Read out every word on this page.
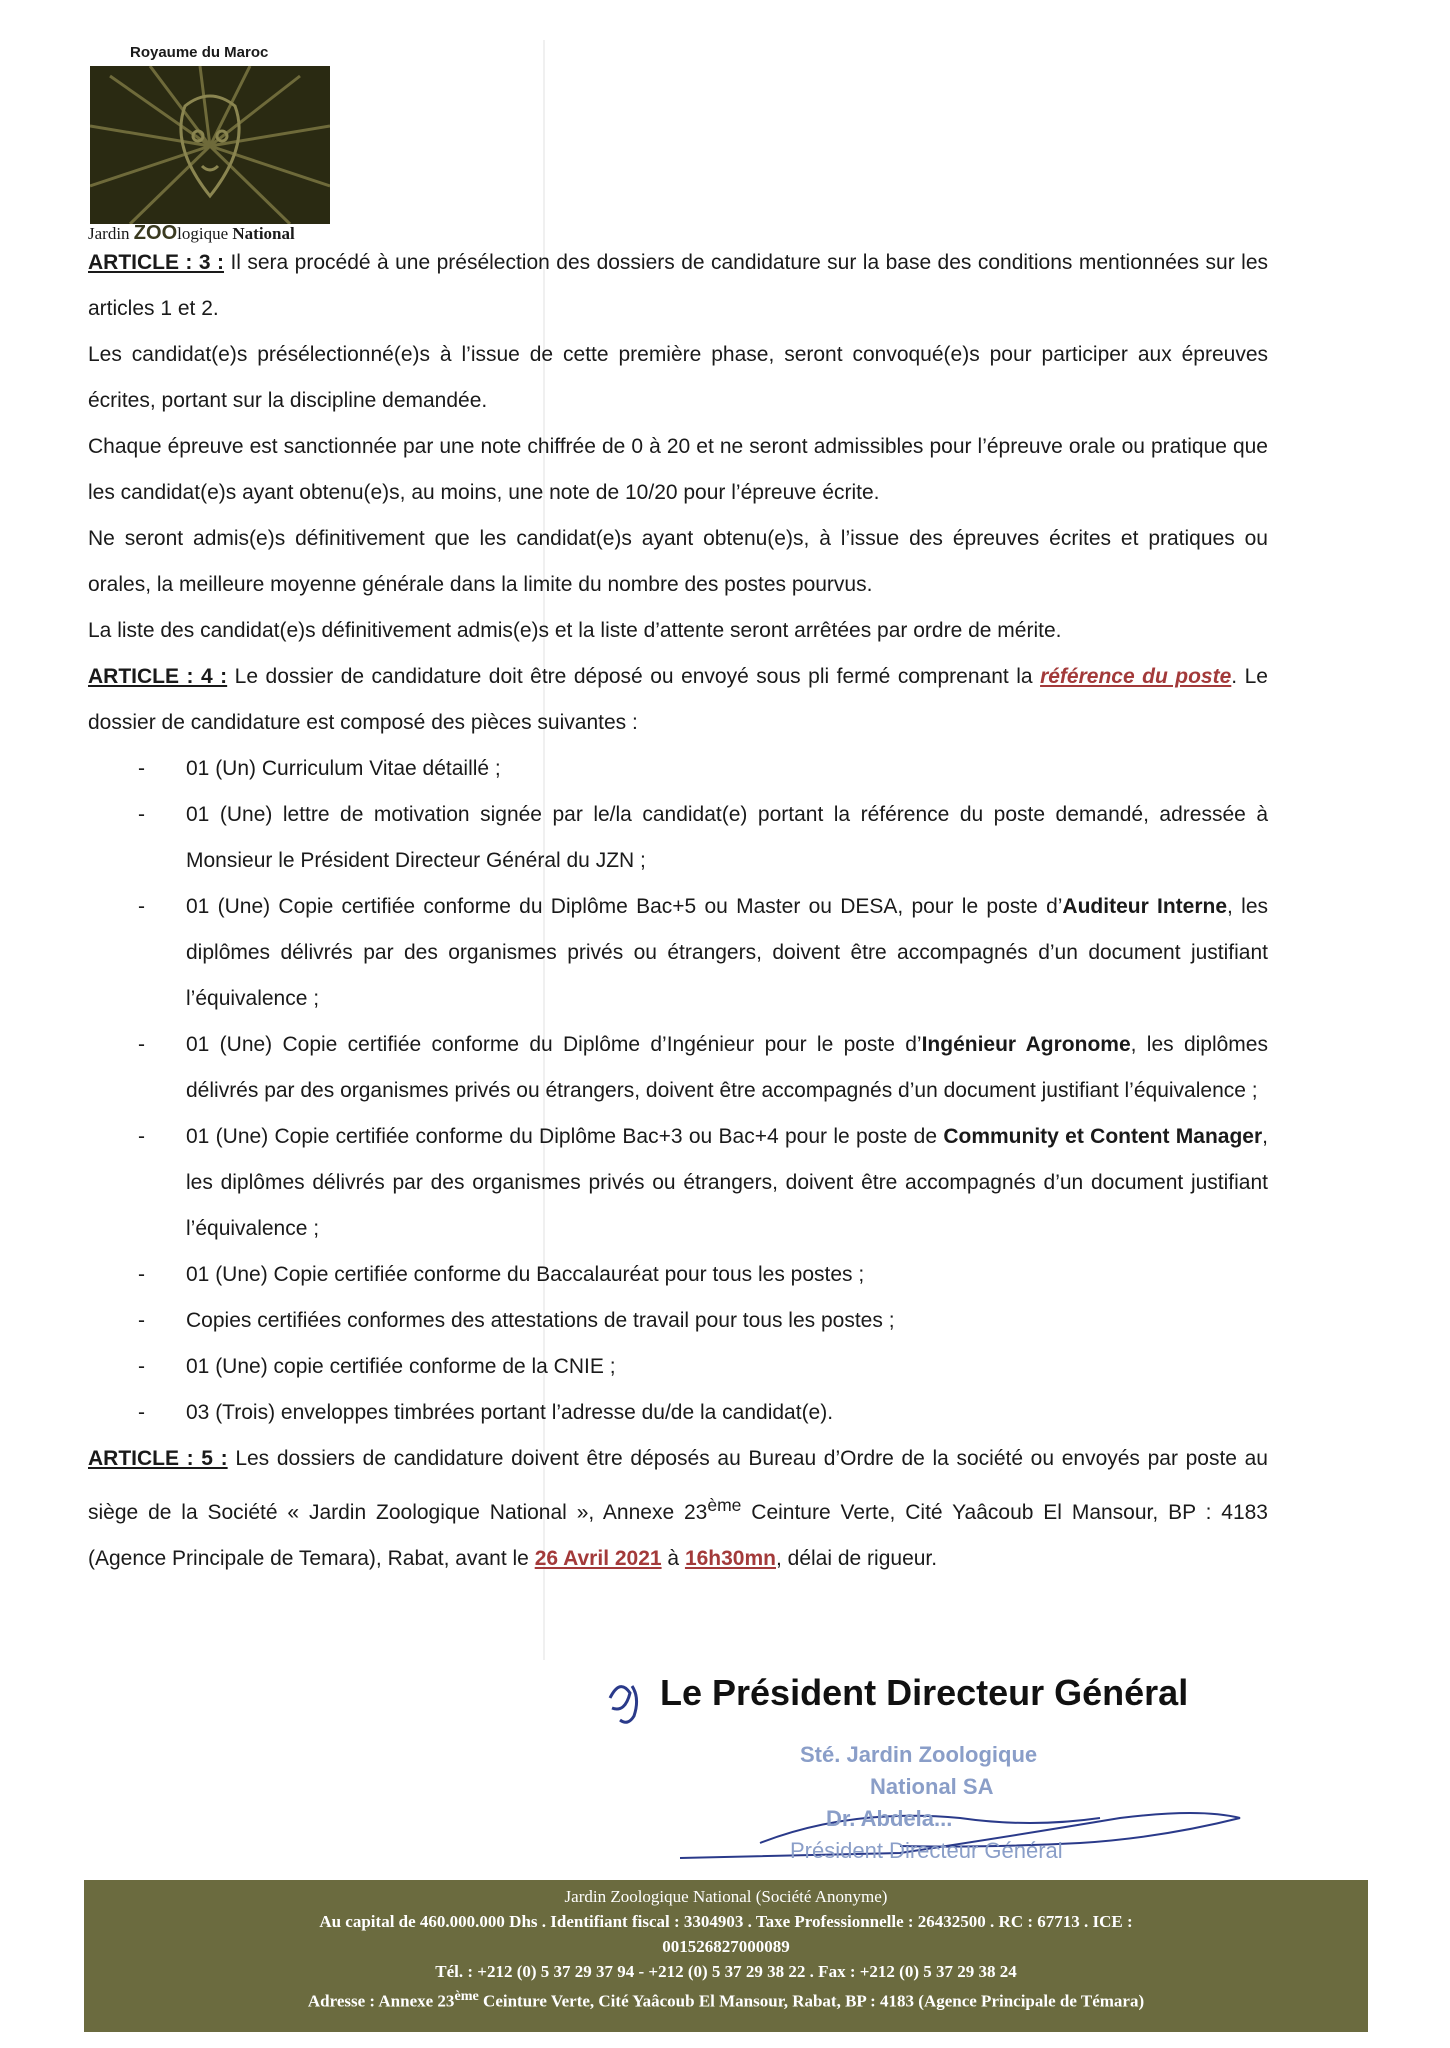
Royaume du Maroc
Jardin ZOOlogique National

ARTICLE : 3 : Il sera procédé à une présélection des dossiers de candidature sur la base des conditions mentionnées sur les articles 1 et 2.

Les candidat(e)s présélectionné(e)s à l’issue de cette première phase, seront convoqué(e)s pour participer aux épreuves écrites, portant sur la discipline demandée.

Chaque épreuve est sanctionnée par une note chiffrée de 0 à 20 et ne seront admissibles pour l’épreuve orale ou pratique que les candidat(e)s ayant obtenu(e)s, au moins, une note de 10/20 pour l’épreuve écrite.

Ne seront admis(e)s définitivement que les candidat(e)s ayant obtenu(e)s, à l’issue des épreuves écrites et pratiques ou orales, la meilleure moyenne générale dans la limite du nombre des postes pourvus.

La liste des candidat(e)s définitivement admis(e)s et la liste d’attente seront arrêtées par ordre de mérite.

ARTICLE : 4 : Le dossier de candidature doit être déposé ou envoyé sous pli fermé comprenant la référence du poste. Le dossier de candidature est composé des pièces suivantes :

- 01 (Un) Curriculum Vitae détaillé ;
- 01 (Une) lettre de motivation signée par le/la candidat(e) portant la référence du poste demandé, adressée à Monsieur le Président Directeur Général du JZN ;
- 01 (Une) Copie certifiée conforme du Diplôme Bac+5 ou Master ou DESA, pour le poste d’Auditeur Interne, les diplômes délivrés par des organismes privés ou étrangers, doivent être accompagnés d’un document justifiant l’équivalence ;
- 01 (Une) Copie certifiée conforme du Diplôme d’Ingénieur pour le poste d’Ingénieur Agronome, les diplômes délivrés par des organismes privés ou étrangers, doivent être accompagnés d’un document justifiant l’équivalence ;
- 01 (Une) Copie certifiée conforme du Diplôme Bac+3 ou Bac+4 pour le poste de Community et Content Manager, les diplômes délivrés par des organismes privés ou étrangers, doivent être accompagnés d’un document justifiant l’équivalence ;
- 01 (Une) Copie certifiée conforme du Baccalauréat pour tous les postes ;
- Copies certifiées conformes des attestations de travail pour tous les postes ;
- 01 (Une) copie certifiée conforme de la CNIE ;
- 03 (Trois) enveloppes timbrées portant l’adresse du/de la candidat(e).

ARTICLE : 5 : Les dossiers de candidature doivent être déposés au Bureau d’Ordre de la société ou envoyés par poste au siège de la Société « Jardin Zoologique National », Annexe 23ème Ceinture Verte, Cité Yaâcoub El Mansour, BP : 4183 (Agence Principale de Temara), Rabat, avant le 26 Avril 2021 à 16h30mn, délai de rigueur.

Le Président Directeur Général
Sté. Jardin Zoologique
National SA
Dr. Abdela...
Président Directeur Général
Jardin Zoologique National (Société Anonyme)
Au capital de 460.000.000 Dhs . Identifiant fiscal : 3304903 . Taxe Professionnelle : 26432500 . RC : 67713 . ICE :
001526827000089
Tél. : +212 (0) 5 37 29 37 94 - +212 (0) 5 37 29 38 22 . Fax : +212 (0) 5 37 29 38 24
Adresse : Annexe 23ème Ceinture Verte, Cité Yaâcoub El Mansour, Rabat, BP : 4183 (Agence Principale de Témara)
